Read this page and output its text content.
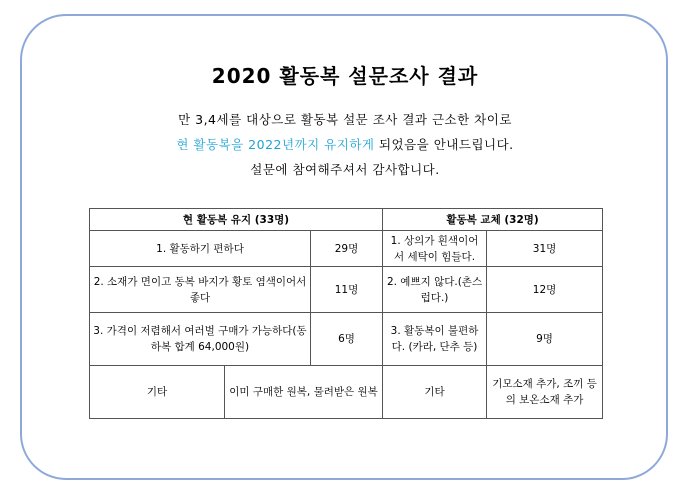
2020 활동복 설문조사 결과
만 3,4세를 대상으로 활동복 설문 조사 결과 근소한 차이로
현 활동복을 2022년까지 유지하게 되었음을 안내드립니다.
설문에 참여해주셔서 감사합니다.
현 활동복 유지 (33명)			활동복 교체 (32명)	
1. 활동하기 편하다		29명	1. 상의가 흰색이어서 세탁이 힘들다.	31명
2. 소재가 면이고 동복 바지가 황토 염색이어서 좋다		11명	2. 예쁘지 않다.(촌스럽다.)	12명
3. 가격이 저렴해서 여러벌 구매가 가능하다(동하복 합계 64,000원)		6명	3. 활동복이 불편하다. (카라, 단추 등)	9명
기타	이미 구매한 원복, 물려받은 원복		기타	기모소재 추가, 조끼 등의 보온소재 추가
